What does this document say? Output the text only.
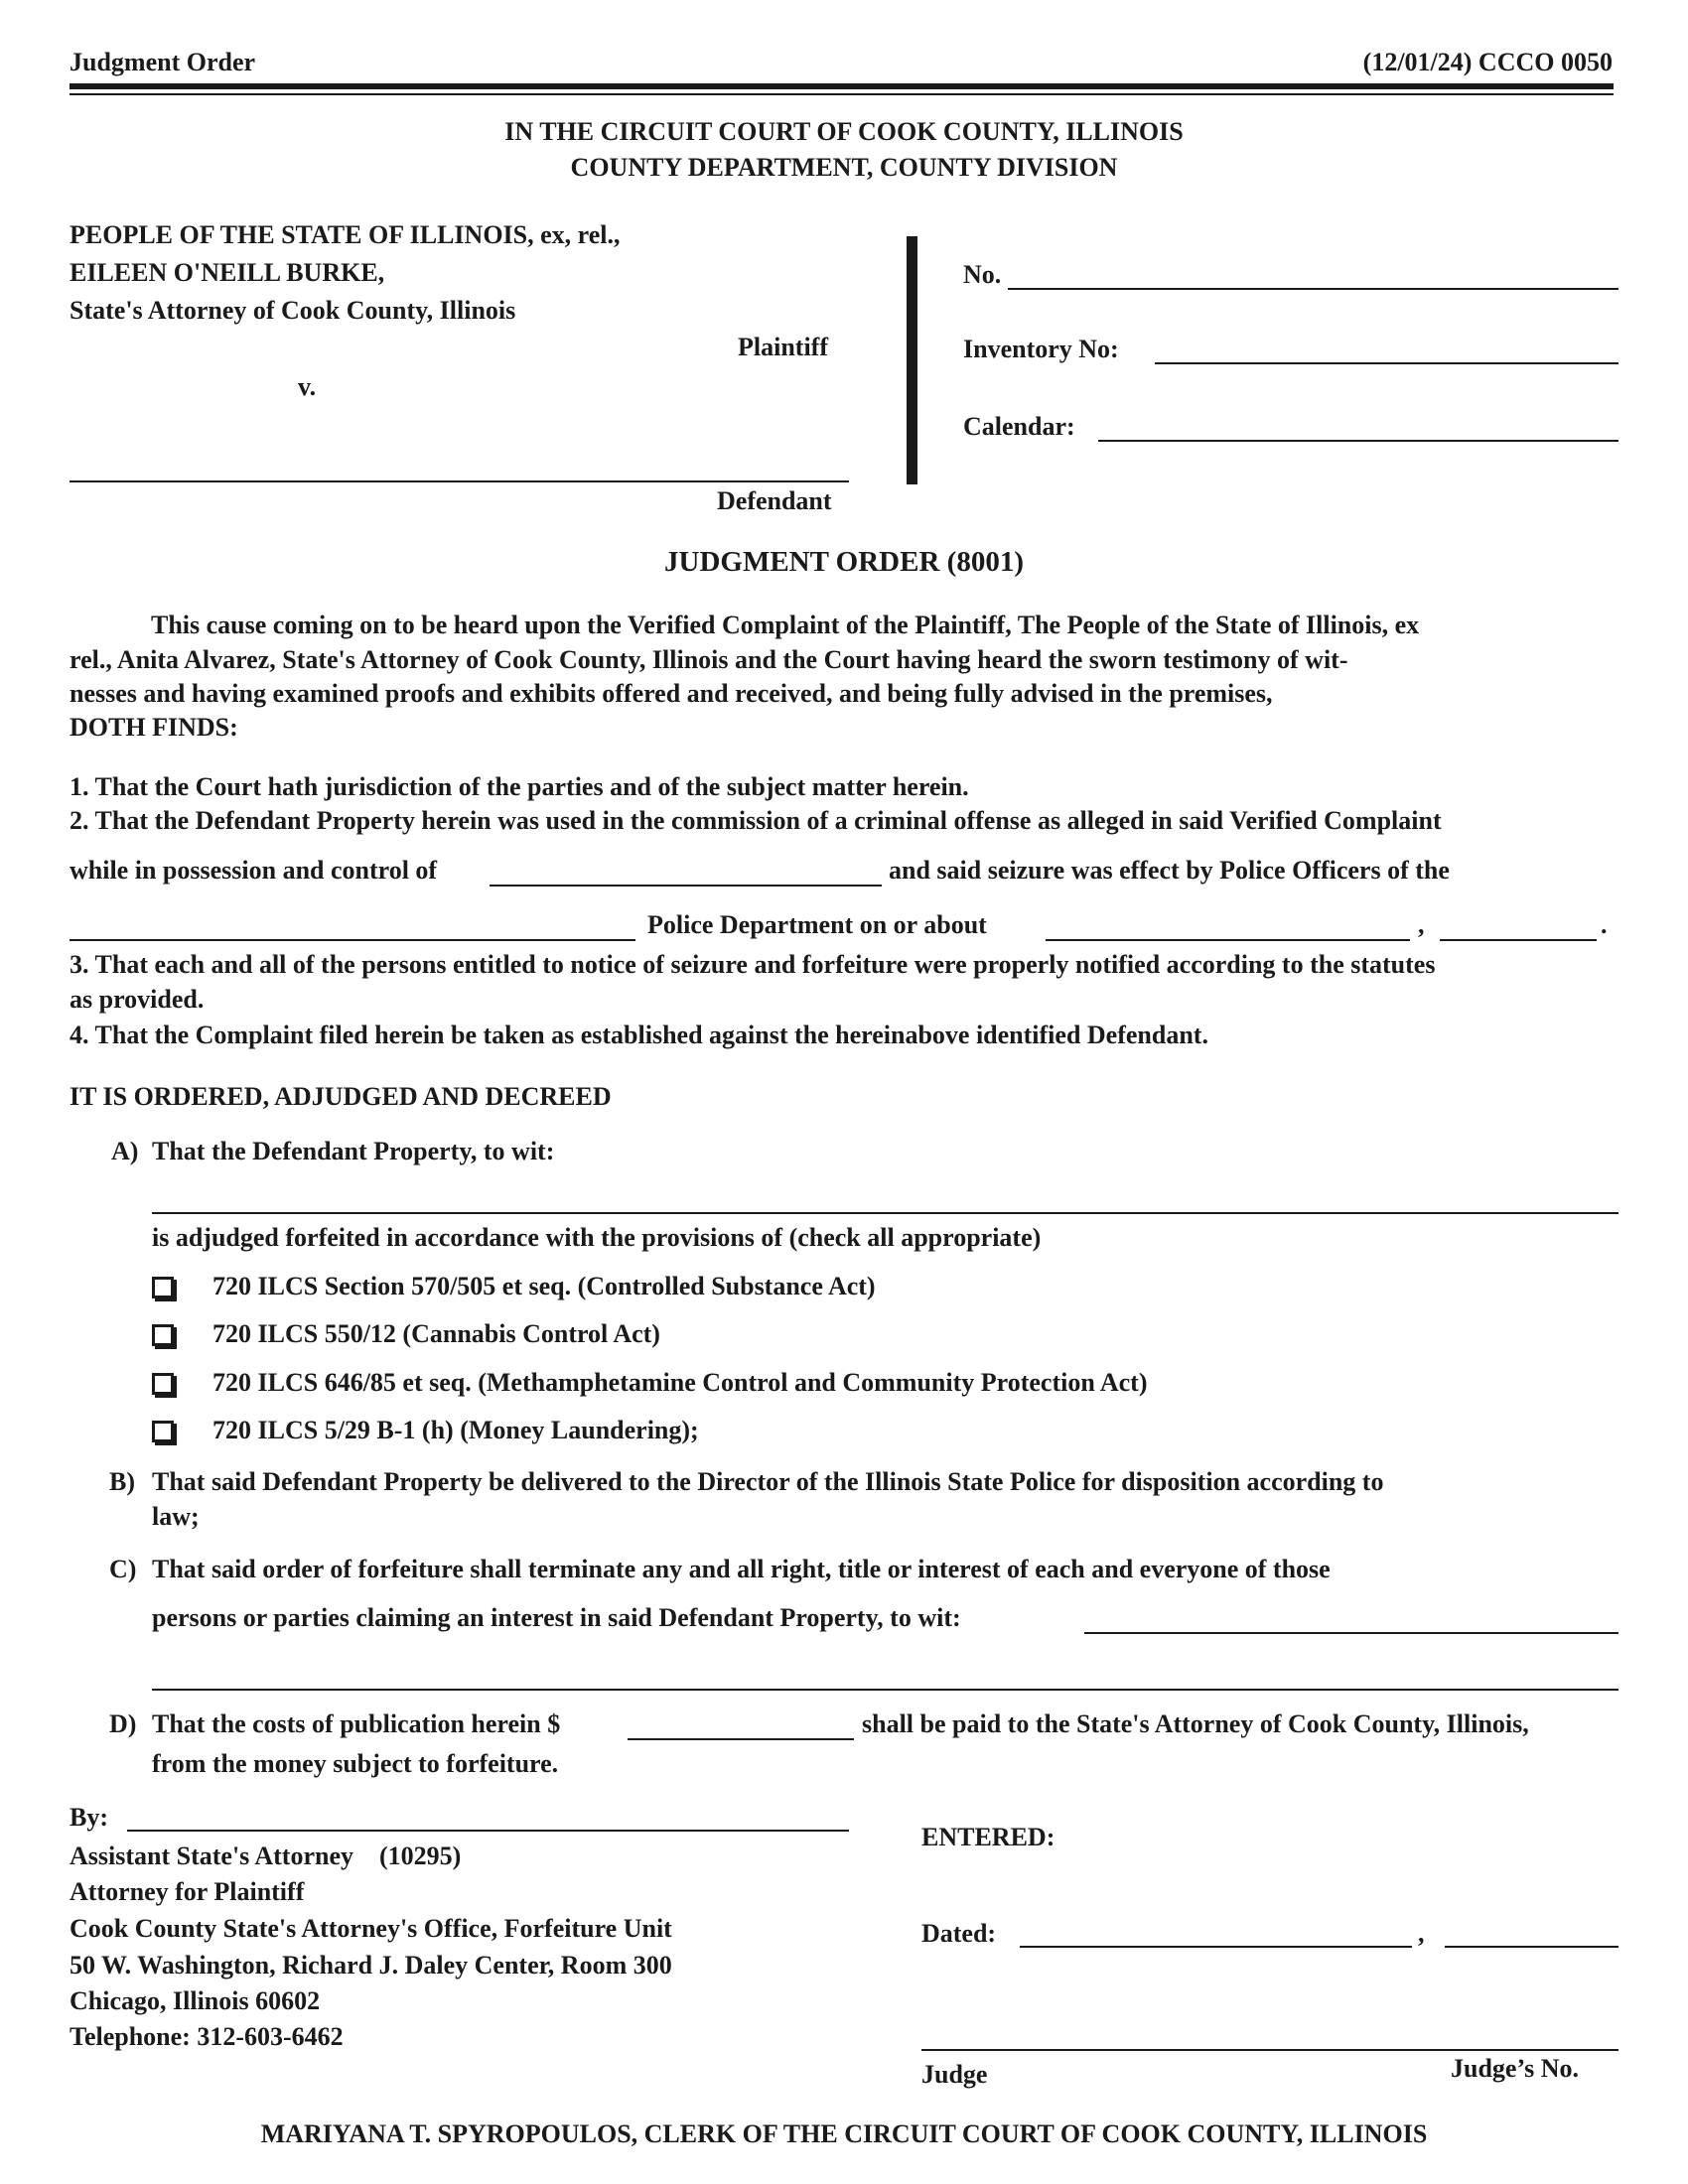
Judgment Order	(12/01/24) CCCO 0050
IN THE CIRCUIT COURT OF COOK COUNTY, ILLINOIS
COUNTY DEPARTMENT, COUNTY DIVISION
PEOPLE OF THE STATE OF ILLINOIS, ex, rel.,
EILEEN O'NEILL BURKE,
State's Attorney of Cook County, Illinois
Plaintiff
v.
Defendant
No.
Inventory No:
Calendar:
JUDGMENT ORDER (8001)
This cause coming on to be heard upon the Verified Complaint of the Plaintiff, The People of the State of Illinois, ex
rel., Anita Alvarez, State's Attorney of Cook County, Illinois and the Court having heard the sworn testimony of wit-
nesses and having examined proofs and exhibits offered and received, and being fully advised in the premises,
DOTH FINDS:
1. That the Court hath jurisdiction of the parties and of the subject matter herein.
2. That the Defendant Property herein was used in the commission of a criminal offense as alleged in said Verified Complaint
while in possession and control of	and said seizure was effect by Police Officers of the
Police Department on or about	,	.
3. That each and all of the persons entitled to notice of seizure and forfeiture were properly notified according to the statutes
as provided.
4. That the Complaint filed herein be taken as established against the hereinabove identified Defendant.
IT IS ORDERED, ADJUDGED AND DECREED
A) That the Defendant Property, to wit:
is adjudged forfeited in accordance with the provisions of (check all appropriate)
720 ILCS Section 570/505 et seq. (Controlled Substance Act)
720 ILCS 550/12 (Cannabis Control Act)
720 ILCS 646/85 et seq. (Methamphetamine Control and Community Protection Act)
720 ILCS 5/29 B-1 (h) (Money Laundering);
B) That said Defendant Property be delivered to the Director of the Illinois State Police for disposition according to
law;
C) That said order of forfeiture shall terminate any and all right, title or interest of each and everyone of those
persons or parties claiming an interest in said Defendant Property, to wit:
D) That the costs of publication herein $	shall be paid to the State's Attorney of Cook County, Illinois,
from the money subject to forfeiture.
By:
Assistant State's Attorney    (10295)
Attorney for Plaintiff
Cook County State's Attorney's Office, Forfeiture Unit
50 W. Washington, Richard J. Daley Center, Room 300
Chicago, Illinois 60602
Telephone: 312-603-6462
ENTERED:
Dated:	,
Judge	Judge’s No.
MARIYANA T. SPYROPOULOS, CLERK OF THE CIRCUIT COURT OF COOK COUNTY, ILLINOIS
